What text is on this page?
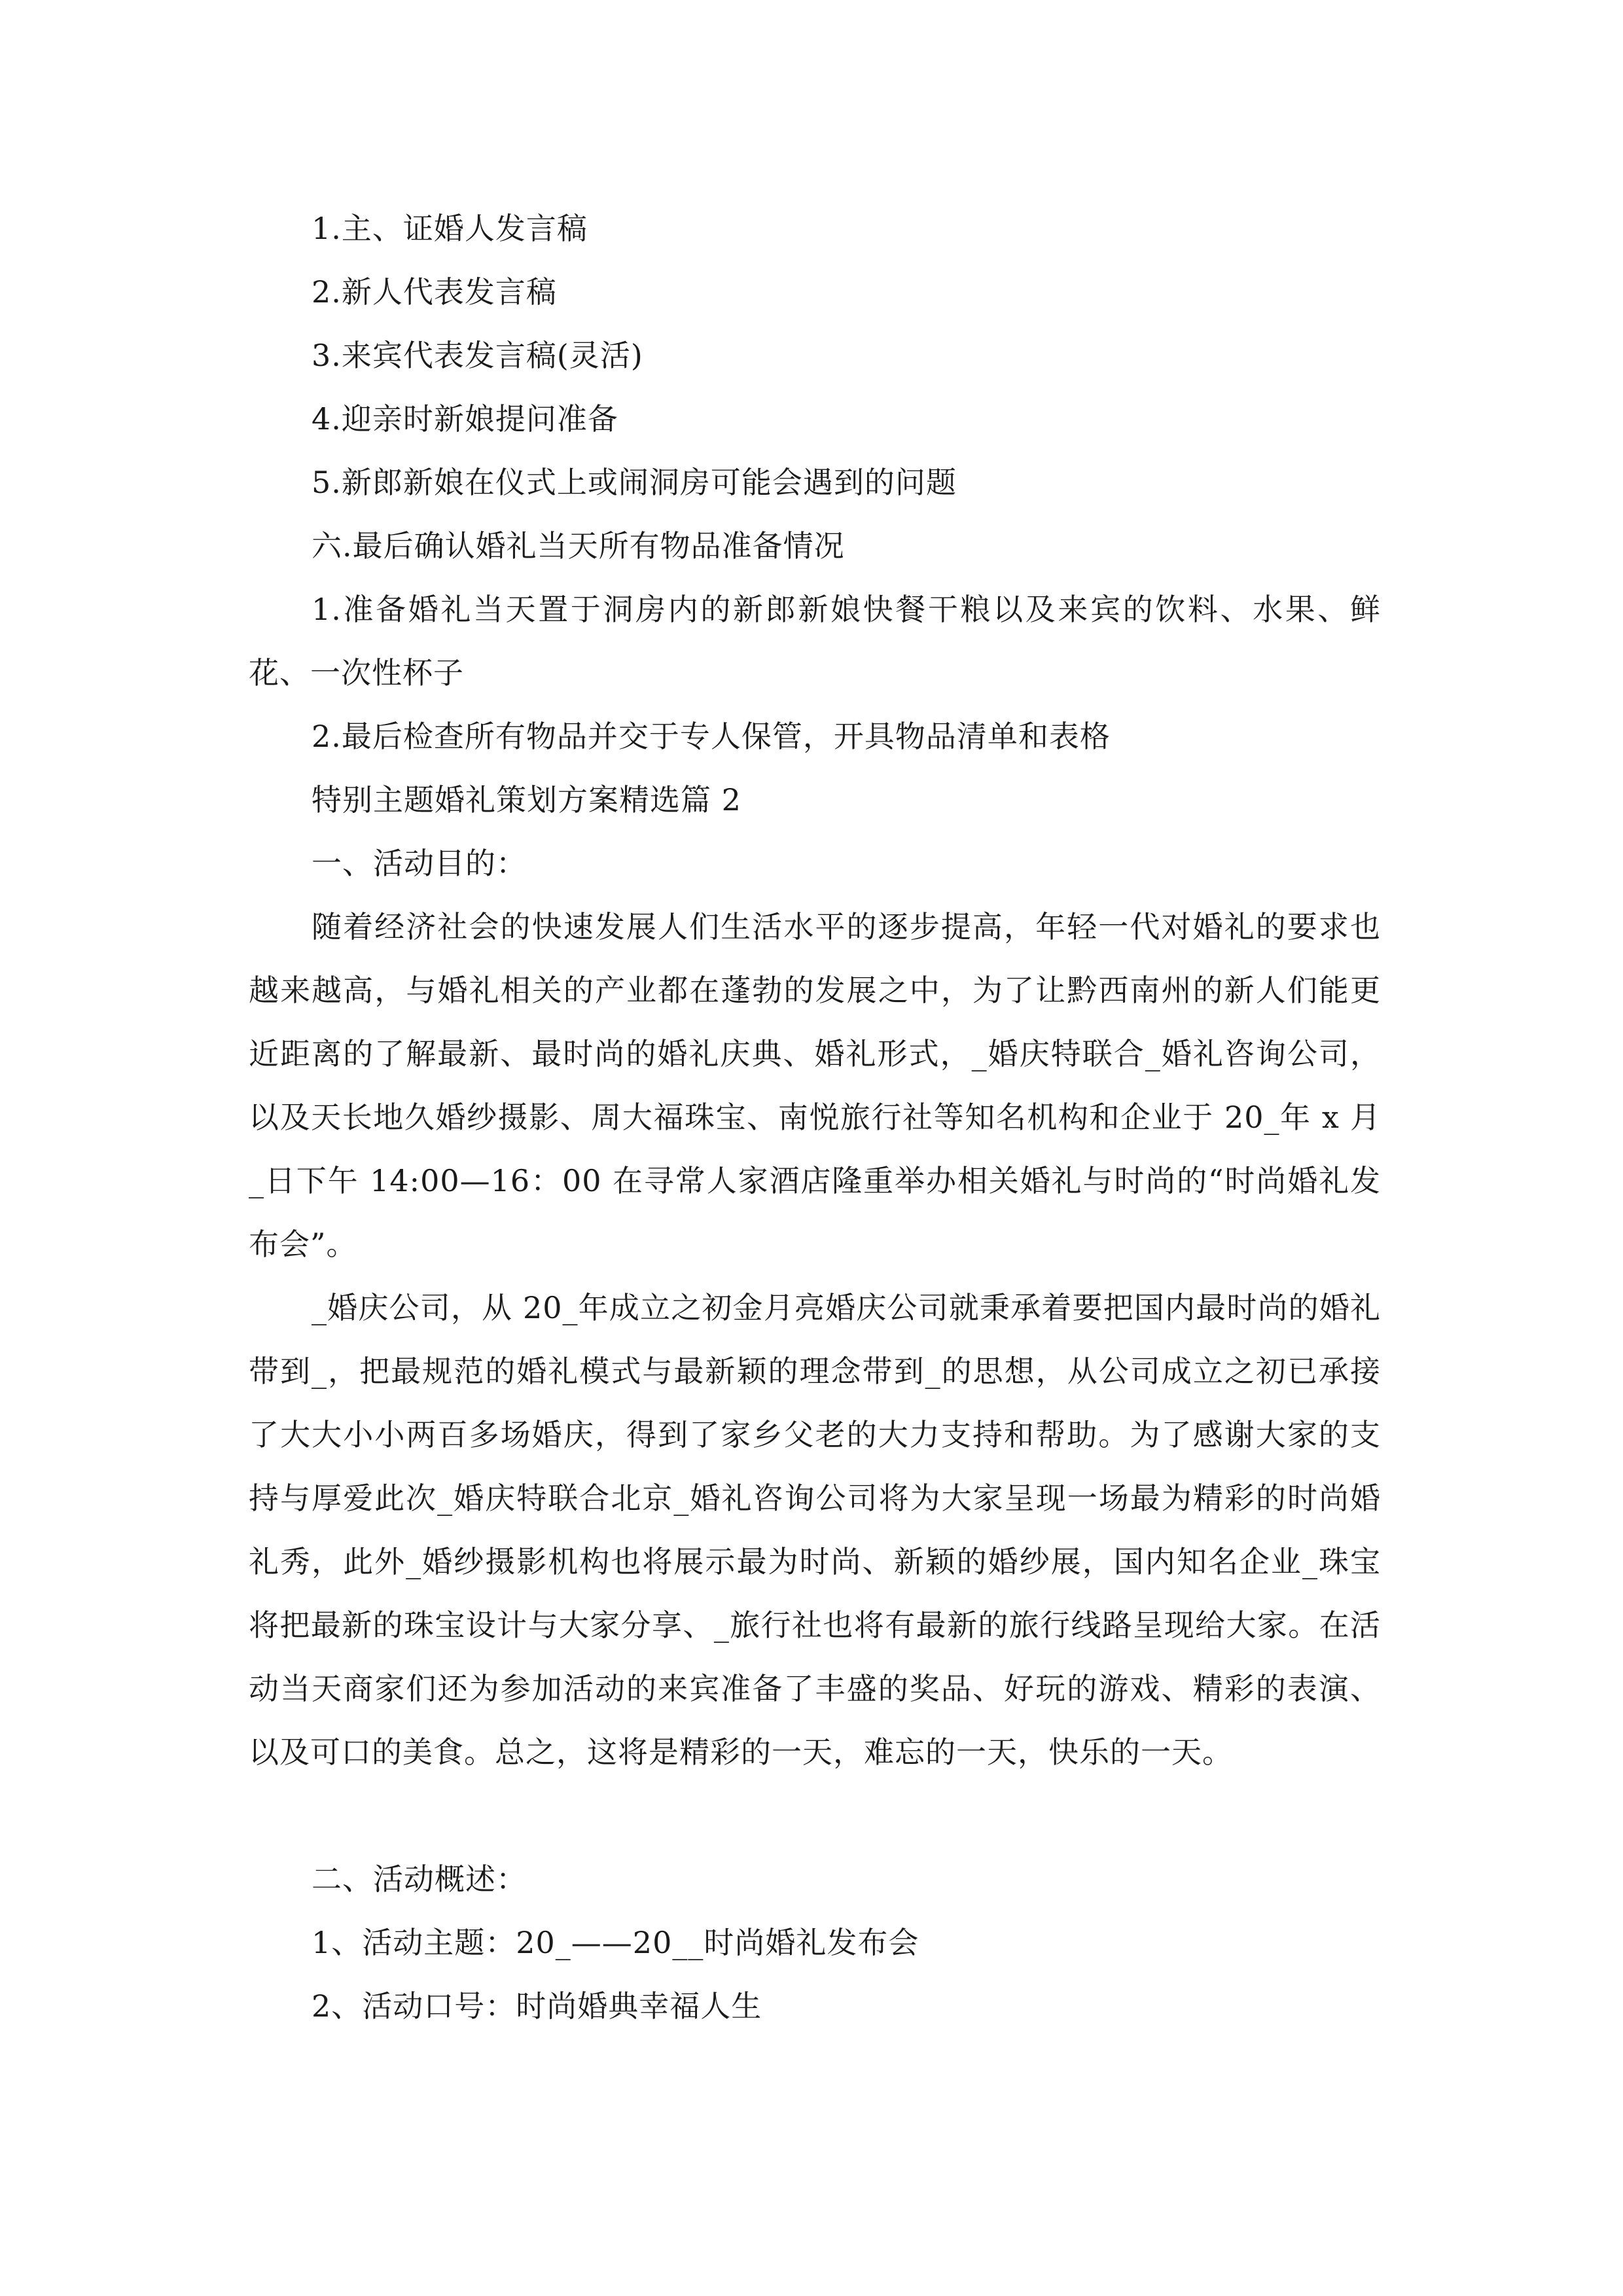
1.主、证婚人发言稿

2.新人代表发言稿

3.来宾代表发言稿(灵活)

4.迎亲时新娘提问准备

5.新郎新娘在仪式上或闹洞房可能会遇到的问题

六.最后确认婚礼当天所有物品准备情况

1.准备婚礼当天置于洞房内的新郎新娘快餐干粮以及来宾的饮料、水果、鲜花、一次性杯子

2.最后检查所有物品并交于专人保管，开具物品清单和表格

特别主题婚礼策划方案精选篇 2

一、活动目的：

随着经济社会的快速发展人们生活水平的逐步提高，年轻一代对婚礼的要求也越来越高，与婚礼相关的产业都在蓬勃的发展之中，为了让黔西南州的新人们能更近距离的了解最新、最时尚的婚礼庆典、婚礼形式，_婚庆特联合_婚礼咨询公司，以及天长地久婚纱摄影、周大福珠宝、南悦旅行社等知名机构和企业于 20_年 x 月_日下午 14:00—16：00 在寻常人家酒店隆重举办相关婚礼与时尚的“时尚婚礼发布会”。

_婚庆公司，从 20_年成立之初金月亮婚庆公司就秉承着要把国内最时尚的婚礼带到_，把最规范的婚礼模式与最新颖的理念带到_的思想，从公司成立之初已承接了大大小小两百多场婚庆，得到了家乡父老的大力支持和帮助。为了感谢大家的支持与厚爱此次_婚庆特联合北京_婚礼咨询公司将为大家呈现一场最为精彩的时尚婚礼秀，此外_婚纱摄影机构也将展示最为时尚、新颖的婚纱展，国内知名企业_珠宝将把最新的珠宝设计与大家分享、_旅行社也将有最新的旅行线路呈现给大家。在活动当天商家们还为参加活动的来宾准备了丰盛的奖品、好玩的游戏、精彩的表演、以及可口的美食。总之，这将是精彩的一天，难忘的一天，快乐的一天。

二、活动概述：

1、活动主题：20_——20__时尚婚礼发布会

2、活动口号：时尚婚典幸福人生
